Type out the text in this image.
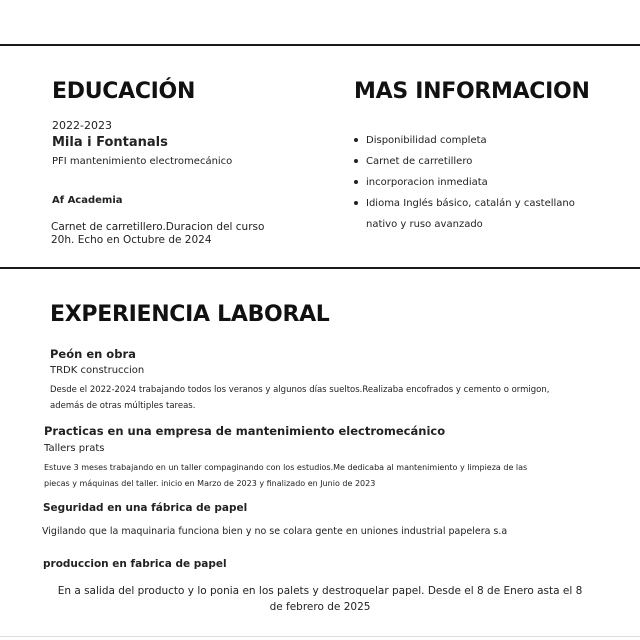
EDUCACIÓN
2022-2023
Mila i Fontanals
PFI mantenimiento electromecánico
Af Academia
Carnet de carretillero.Duracion del curso
20h. Echo en Octubre de 2024
MAS INFORMACION
Disponibilidad completa
Carnet de carretillero
incorporacion inmediata
Idioma Inglés básico, catalán y castellano nativo y ruso avanzado
EXPERIENCIA LABORAL
Peón en obra
TRDK construccion
Desde el 2022-2024 trabajando todos los veranos y algunos días sueltos.Realizaba encofrados y cemento o ormigon,
además de otras múltiples tareas.
Practicas en una empresa de mantenimiento electromecánico
Tallers prats
Estuve 3 meses trabajando en un taller compaginando con los estudios.Me dedicaba al mantenimiento y limpieza de las
piecas y máquinas del taller. inicio en Marzo de 2023 y finalizado en Junio de 2023
Seguridad en una fábrica de papel
Vigilando que la maquinaria funciona bien y no se colara gente en uniones industrial papelera s.a
produccion en fabrica de papel
En a salida del producto y lo ponia en los palets y destroquelar papel. Desde el 8 de Enero asta el 8
de febrero de 2025
